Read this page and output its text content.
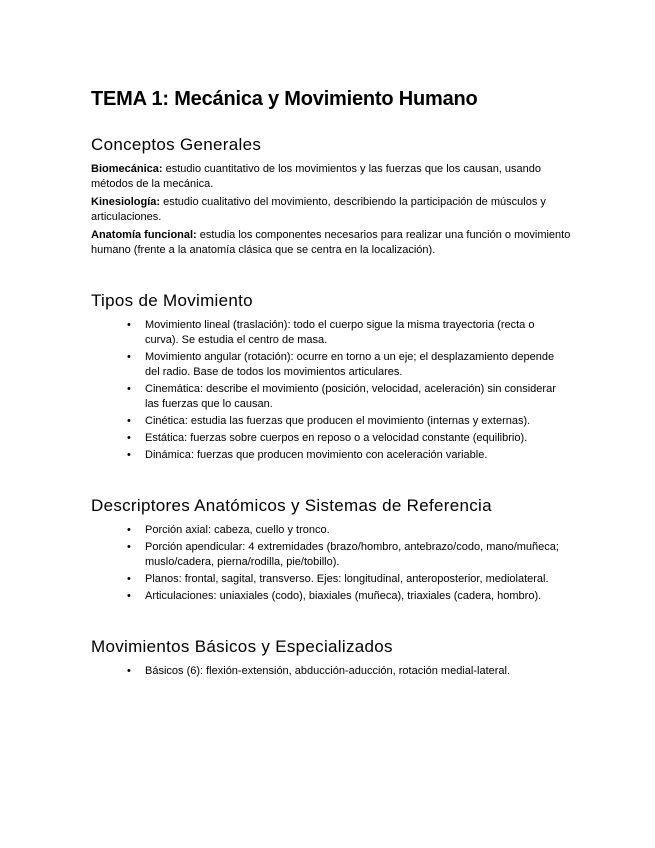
TEMA 1: Mecánica y Movimiento Humano
Conceptos Generales

Biomecánica: estudio cuantitativo de los movimientos y las fuerzas que los causan, usando métodos de la mecánica.

Kinesiología: estudio cualitativo del movimiento, describiendo la participación de músculos y articulaciones.

Anatomía funcional: estudia los componentes necesarios para realizar una función o movimiento humano (frente a la anatomía clásica que se centra en la localización).

Tipos de Movimiento
• Movimiento lineal (traslación): todo el cuerpo sigue la misma trayectoria (recta o curva). Se estudia el centro de masa.
• Movimiento angular (rotación): ocurre en torno a un eje; el desplazamiento depende del radio. Base de todos los movimientos articulares.
• Cinemática: describe el movimiento (posición, velocidad, aceleración) sin considerar las fuerzas que lo causan.
• Cinética: estudia las fuerzas que producen el movimiento (internas y externas).
• Estática: fuerzas sobre cuerpos en reposo o a velocidad constante (equilibrio).
• Dinámica: fuerzas que producen movimiento con aceleración variable.
Descriptores Anatómicos y Sistemas de Referencia
• Porción axial: cabeza, cuello y tronco.
• Porción apendicular: 4 extremidades (brazo/hombro, antebrazo/codo, mano/muñeca; muslo/cadera, pierna/rodilla, pie/tobillo).
• Planos: frontal, sagital, transverso. Ejes: longitudinal, anteroposterior, mediolateral.
• Articulaciones: uniaxiales (codo), biaxiales (muñeca), triaxiales (cadera, hombro).
Movimientos Básicos y Especializados
• Básicos (6): flexión-extensión, abducción-aducción, rotación medial-lateral.
